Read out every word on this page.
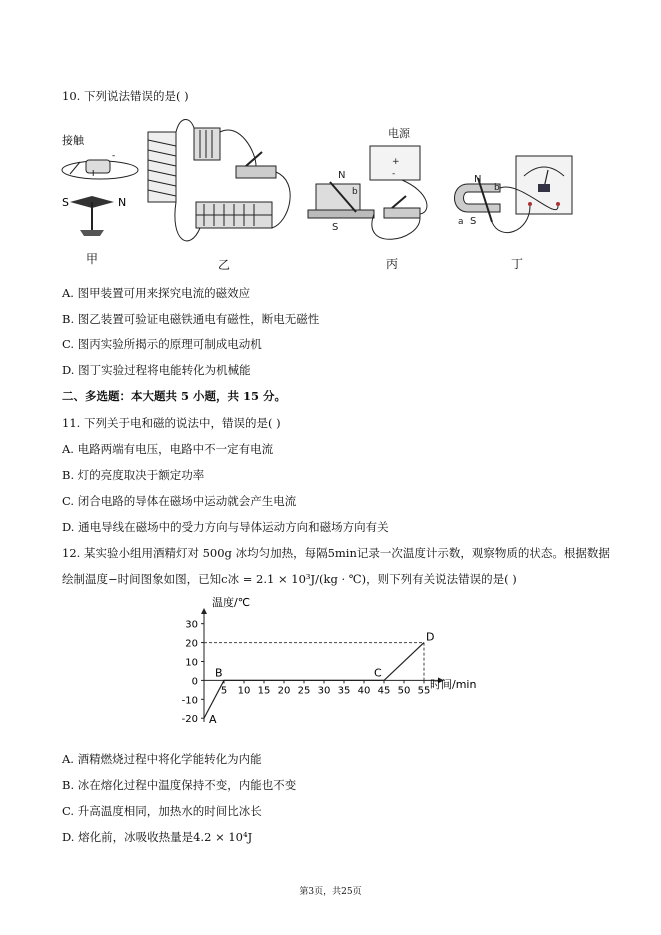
10. 下列说法错误的是( )
接触
I
-
S	N
电源
+
-
N
b
S
N
b
S
a
甲	乙	丙	丁
A. 图甲装置可用来探究电流的磁效应
B. 图乙装置可验证电磁铁通电有磁性，断电无磁性
C. 图丙实验所揭示的原理可制成电动机
D. 图丁实验过程将电能转化为机械能
二、多选题：本大题共 5 小题，共 15 分。
11. 下列关于电和磁的说法中，错误的是( )
A. 电路两端有电压，电路中不一定有电流
B. 灯的亮度取决于额定功率
C. 闭合电路的导体在磁场中运动就会产生电流
D. 通电导线在磁场中的受力方向与导体运动方向和磁场方向有关
12. 某实验小组用酒精灯对 500g 冰均匀加热，每隔5min记录一次温度计示数，观察物质的状态。根据数据
绘制温度−时间图象如图，已知c冰 = 2.1 × 10³J/(kg · ℃)，则下列有关说法错误的是( )
-20
-10
0
10
20
30
5 10 15 20 25 30 35 40 45 50 55
A
B	C
D
温度/℃
时间/min
A. 酒精燃烧过程中将化学能转化为内能
B. 冰在熔化过程中温度保持不变，内能也不变
C. 升高温度相同，加热水的时间比冰长
D. 熔化前，冰吸收热量是4.2 × 10⁴J
第3页，共25页
